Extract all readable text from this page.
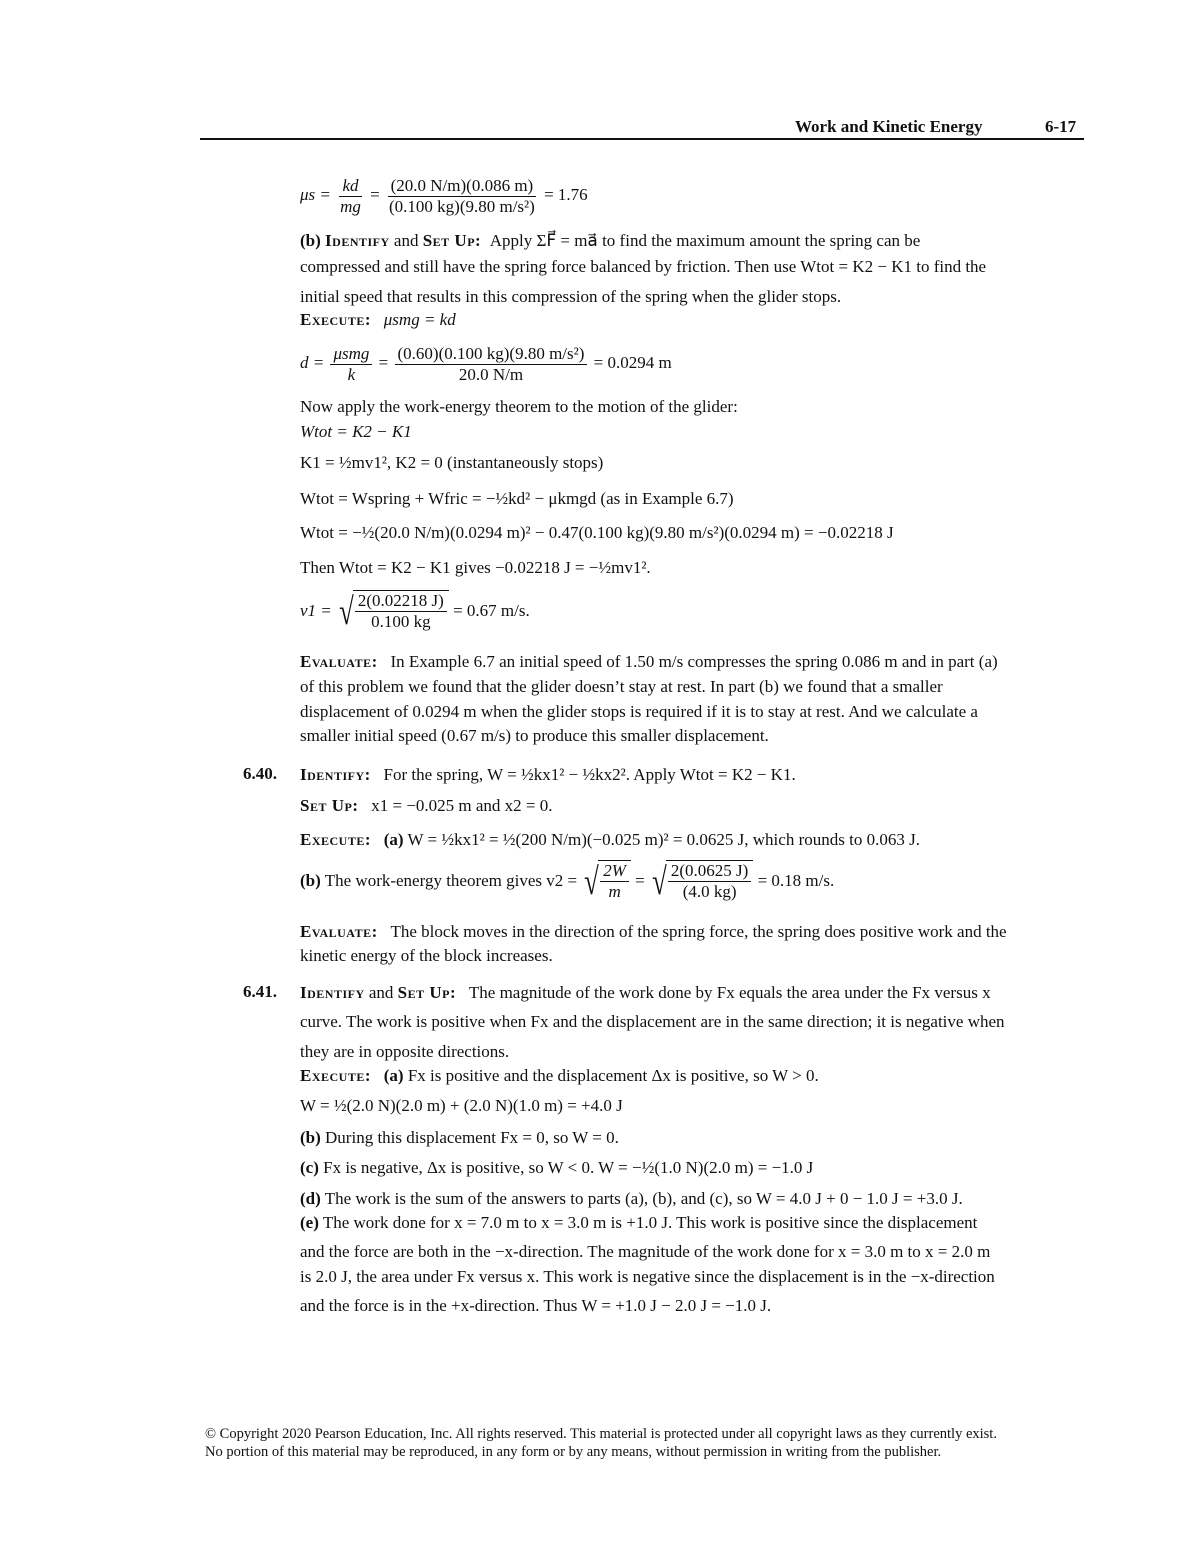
Work and Kinetic Energy	6-17
$\mu s = \frac{kd}{mg} = \frac{(20.0 N/m)(0.086 m)}{\text{(0.100 kg)(9.80 m/s²)}} = 1.76$
(b) Identify and Set Up: Apply ΣF⃗ = ma⃗ to find the maximum amount the spring can be
compressed and still have the spring force balanced by friction. Then use Wtot = K2 − K1 to find the
initial speed that results in this compression of the spring when the glider stops.
Execute: μsmg = kd
$d = \frac{\text{μsmg}}{k} = \frac{\text{(0.60)(0.100 kg)(9.80 m/s²)}}{20.0 N/m} = 0.0294$ m
Now apply the work-energy theorem to the motion of the glider:
Wtot = K2 − K1
K1 = ½mv1², K2 = 0 (instantaneously stops)
Wtot = Wspring + Wfric = −½kd² − μkmgd (as in Example 6.7)
Wtot = −½(20.0 N/m)(0.0294 m)² − 0.47(0.100 kg)(9.80 m/s²)(0.0294 m) = −0.02218 J
Then Wtot = K2 − K1 gives −0.02218 J = −½mv1².
v1 = √ $\frac{2(0.02218 J)}{0.100 kg} = 0.67$ m/s.
Evaluate: In Example 6.7 an initial speed of 1.50 m/s compresses the spring 0.086 m and in part (a)
of this problem we found that the glider doesn’t stay at rest. In part (b) we found that a smaller
displacement of 0.0294 m when the glider stops is required if it is to stay at rest. And we calculate a
smaller initial speed (0.67 m/s) to produce this smaller displacement.
6.40. Identify: For the spring, W = ½kx1² − ½kx2². Apply Wtot = K2 − K1.
Set Up: x1 = −0.025 m and x2 = 0.
Execute: (a) W = ½kx1² = ½(200 N/m)(−0.025 m)² = 0.0625 J, which rounds to 0.063 J.
(b) The work-energy theorem gives v2 = √ $\frac{2W}{m}$ = √ $\frac{2(0.0625 J)}{(4.0 kg)} = 0.18$ m/s.
Evaluate: The block moves in the direction of the spring force, the spring does positive work and the
kinetic energy of the block increases.
6.41. Identify and Set Up: The magnitude of the work done by Fx equals the area under the Fx versus x
curve. The work is positive when Fx and the displacement are in the same direction; it is negative when
they are in opposite directions.
Execute: (a) Fx is positive and the displacement Δx is positive, so W > 0.
W = ½(2.0 N)(2.0 m) + (2.0 N)(1.0 m) = +4.0 J
(b) During this displacement Fx = 0, so W = 0.
(c) Fx is negative, Δx is positive, so W < 0. W = −½(1.0 N)(2.0 m) = −1.0 J
(d) The work is the sum of the answers to parts (a), (b), and (c), so W = 4.0 J + 0 − 1.0 J = +3.0 J.
(e) The work done for x = 7.0 m to x = 3.0 m is +1.0 J. This work is positive since the displacement
and the force are both in the −x-direction. The magnitude of the work done for x = 3.0 m to x = 2.0 m
is 2.0 J, the area under Fx versus x. This work is negative since the displacement is in the −x-direction
and the force is in the +x-direction. Thus W = +1.0 J − 2.0 J = −1.0 J.
© Copyright 2020 Pearson Education, Inc. All rights reserved. This material is protected under all copyright laws as they currently exist.
No portion of this material may be reproduced, in any form or by any means, without permission in writing from the publisher.
